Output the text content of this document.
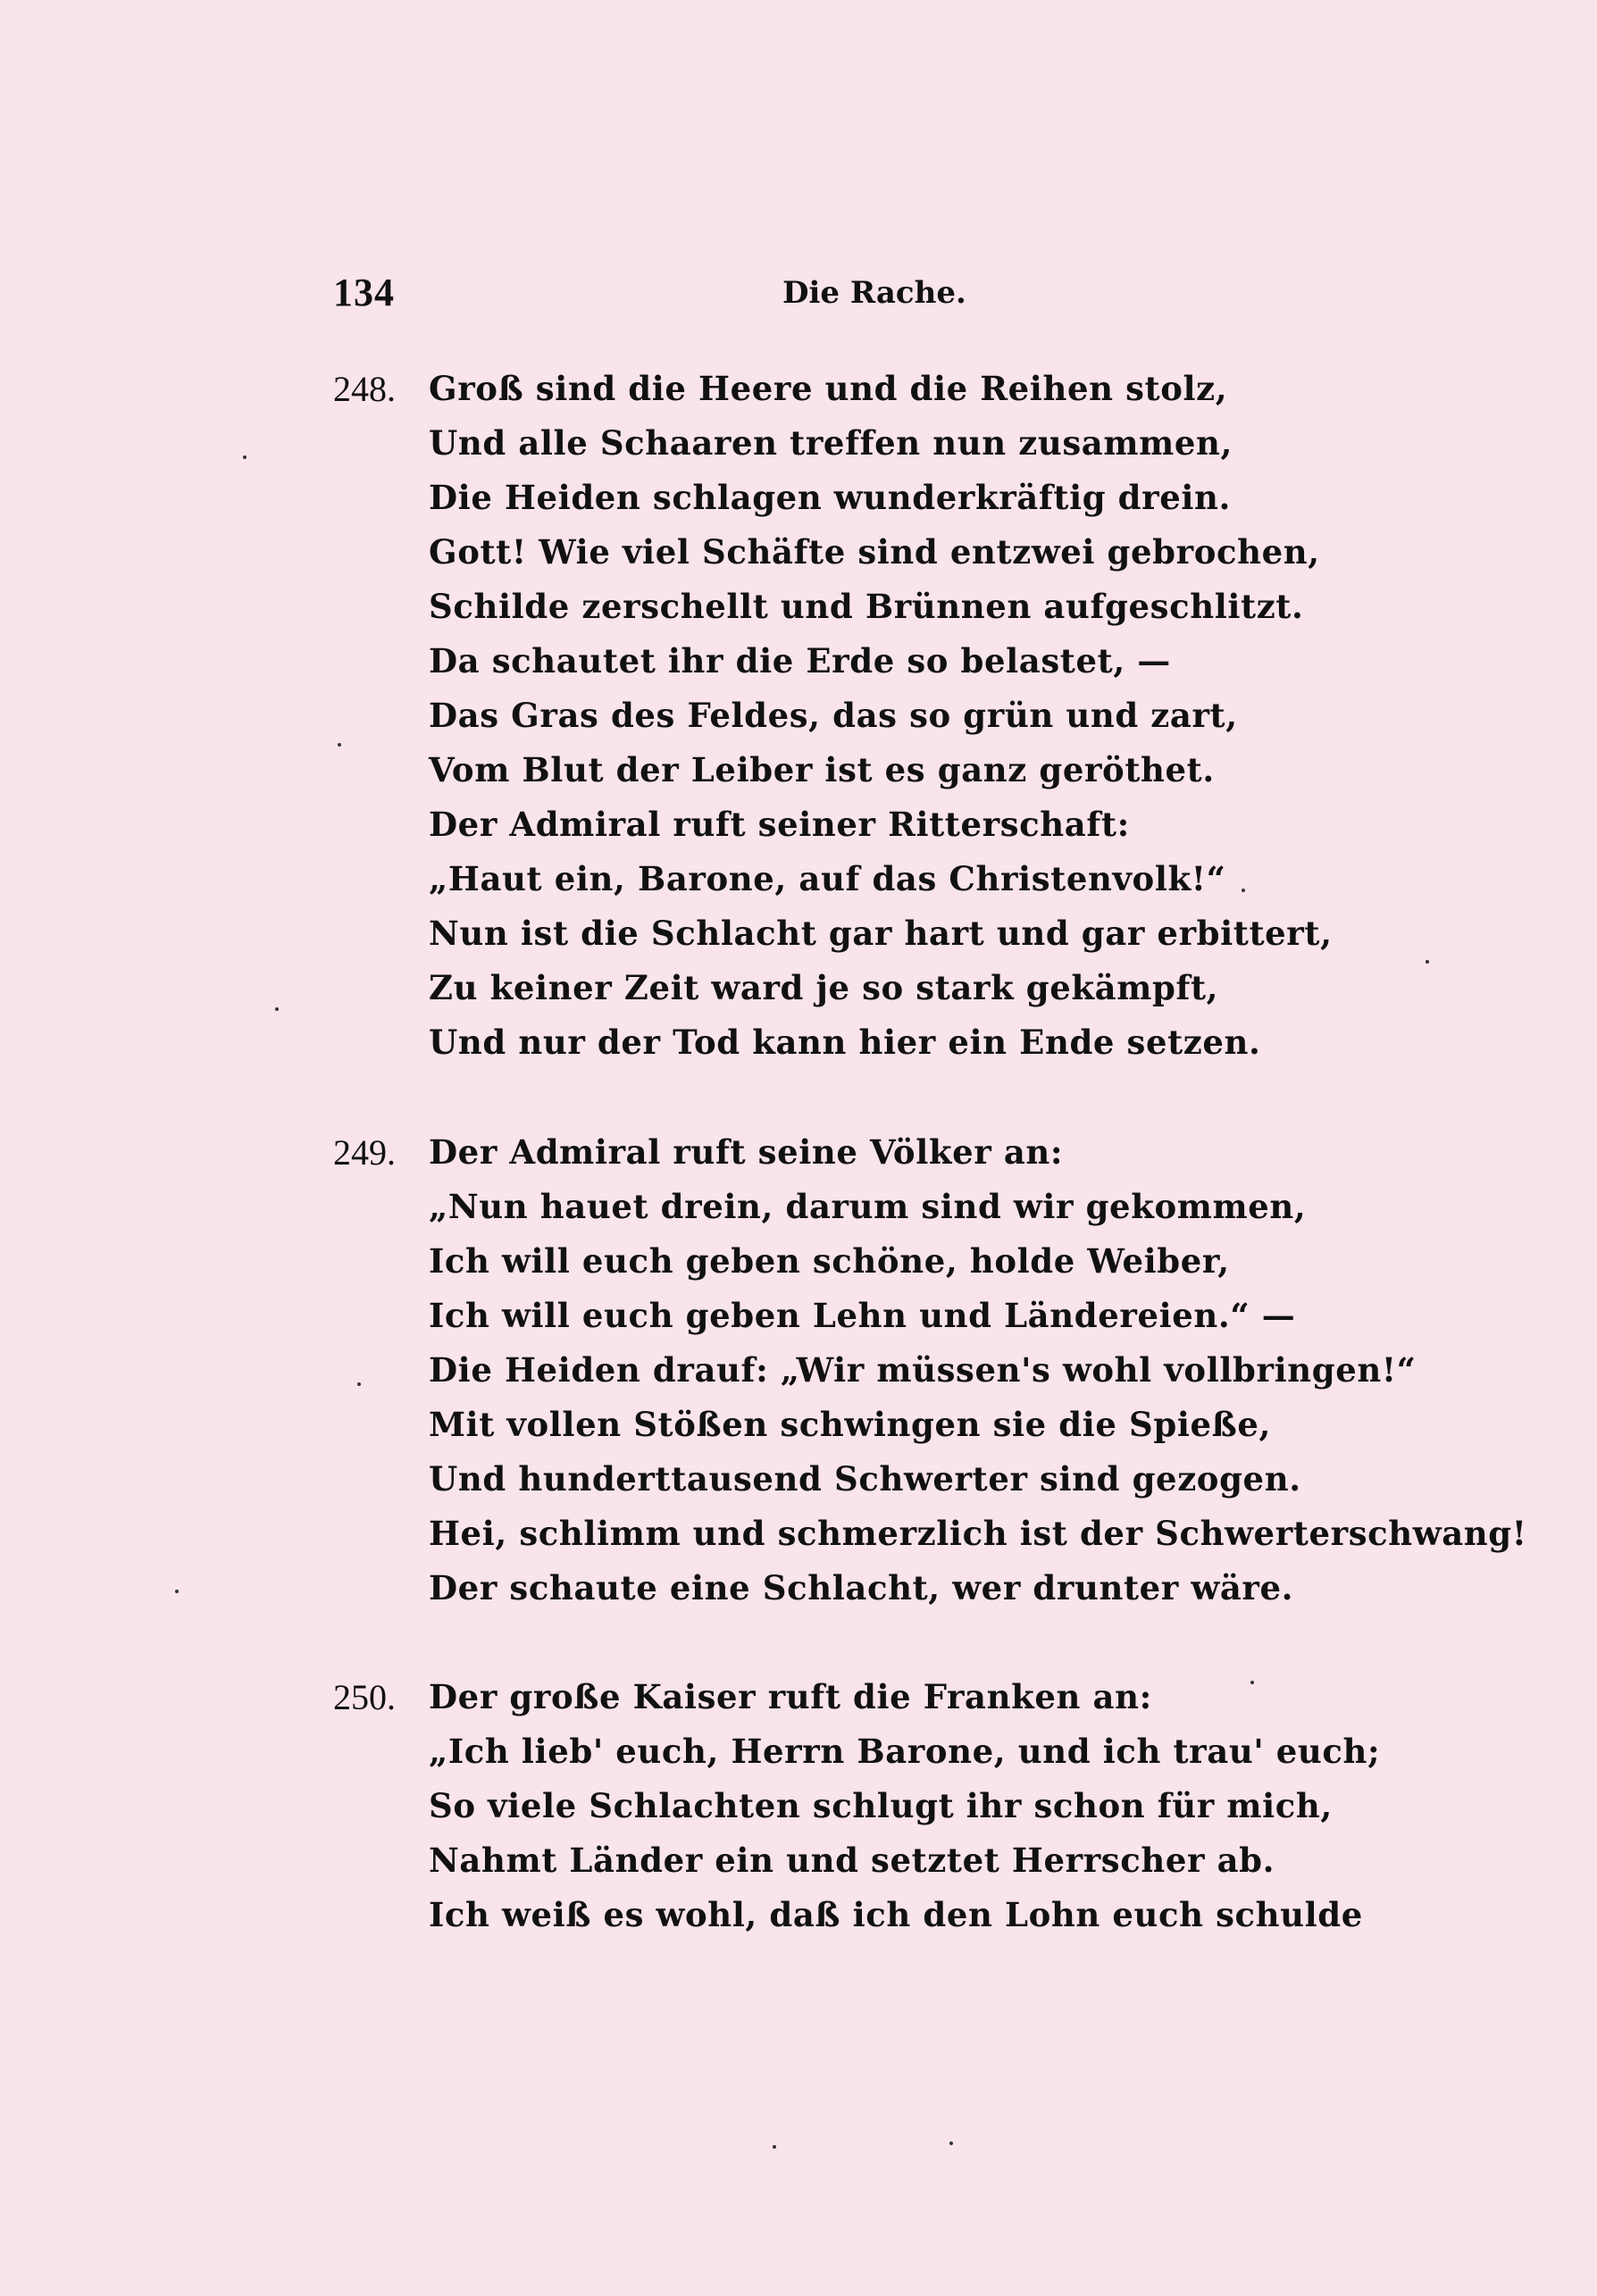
134	Die Rache.
248. Groß sind die Heere und die Reihen stolz,
Und alle Schaaren treffen nun zusammen,
Die Heiden schlagen wunderkräftig drein.
Gott! Wie viel Schäfte sind entzwei gebrochen,
Schilde zerschellt und Brünnen aufgeschlitzt.
Da schautet ihr die Erde so belastet, —
Das Gras des Feldes, das so grün und zart,
Vom Blut der Leiber ist es ganz geröthet.
Der Admiral ruft seiner Ritterschaft:
„Haut ein, Barone, auf das Christenvolk!“
Nun ist die Schlacht gar hart und gar erbittert,
Zu keiner Zeit ward je so stark gekämpft,
Und nur der Tod kann hier ein Ende setzen.
249. Der Admiral ruft seine Völker an:
„Nun hauet drein, darum sind wir gekommen,
Ich will euch geben schöne, holde Weiber,
Ich will euch geben Lehn und Ländereien.“ —
Die Heiden drauf: „Wir müssen's wohl vollbringen!“
Mit vollen Stößen schwingen sie die Spieße,
Und hunderttausend Schwerter sind gezogen.
Hei, schlimm und schmerzlich ist der Schwerterschwang!
Der schaute eine Schlacht, wer drunter wäre.
250. Der große Kaiser ruft die Franken an:
„Ich lieb' euch, Herrn Barone, und ich trau' euch;
So viele Schlachten schlugt ihr schon für mich,
Nahmt Länder ein und setztet Herrscher ab.
Ich weiß es wohl, daß ich den Lohn euch schulde
